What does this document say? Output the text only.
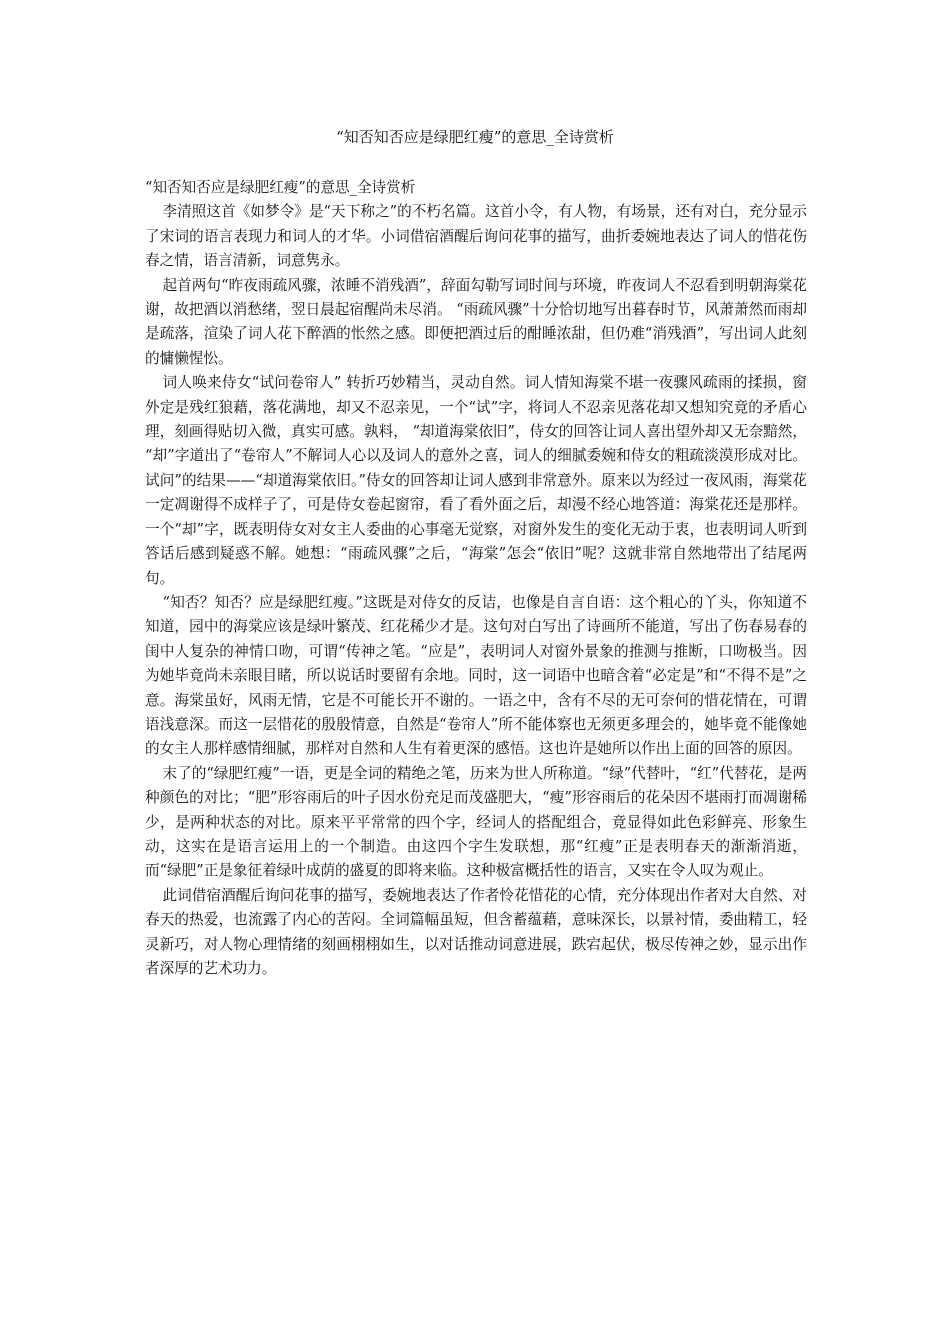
“知否知否应是绿肥红瘦”的意思_全诗赏析
“知否知否应是绿肥红瘦”的意思_全诗赏析

李清照这首《如梦令》是“天下称之”的不朽名篇。这首小令，有人物，有场景，还有对白，充分显示了宋词的语言表现力和词人的才华。小词借宿酒醒后询问花事的描写，曲折委婉地表达了词人的惜花伤春之情，语言清新，词意隽永。

起首两句“昨夜雨疏风骤，浓睡不消残酒”，辞面勾勒写词时间与环境，昨夜词人不忍看到明朝海棠花谢，故把酒以消愁绪，翌日晨起宿醒尚未尽消。 “雨疏风骤”十分恰切地写出暮春时节，风萧萧然而雨却是疏落，渲染了词人花下醉酒的怅然之感。即便把酒过后的酣睡浓甜，但仍难“消残酒”，写出词人此刻的慵懒惺忪。

词人唤来侍女“试问卷帘人” 转折巧妙精当，灵动自然。词人情知海棠不堪一夜骤风疏雨的揉损，窗外定是残红狼藉，落花满地，却又不忍亲见，一个“试”字，将词人不忍亲见落花却又想知究竟的矛盾心理，刻画得贴切入微，真实可感。孰料， “却道海棠依旧”，侍女的回答让词人喜出望外却又无奈黯然， “却”字道出了“卷帘人”不解词人心以及词人的意外之喜，词人的细腻委婉和侍女的粗疏淡漠形成对比。试问”的结果——“却道海棠依旧。”侍女的回答却让词人感到非常意外。原来以为经过一夜风雨，海棠花一定凋谢得不成样子了，可是侍女卷起窗帘，看了看外面之后，却漫不经心地答道：海棠花还是那样。一个“却”字，既表明侍女对女主人委曲的心事毫无觉察，对窗外发生的变化无动于衷，也表明词人听到答话后感到疑惑不解。她想：“雨疏风骤”之后，“海棠”怎会“依旧”呢？这就非常自然地带出了结尾两句。

“知否？知否？应是绿肥红瘦。”这既是对侍女的反诘，也像是自言自语：这个粗心的丫头，你知道不知道，园中的海棠应该是绿叶繁茂、红花稀少才是。这句对白写出了诗画所不能道，写出了伤春易春的闺中人复杂的神情口吻，可谓“传神之笔。“应是”，表明词人对窗外景象的推测与推断，口吻极当。因为她毕竟尚未亲眼目睹，所以说话时要留有余地。同时，这一词语中也暗含着“必定是”和“不得不是”之意。海棠虽好，风雨无情，它是不可能长开不谢的。一语之中，含有不尽的无可奈何的惜花情在，可谓语浅意深。而这一层惜花的殷殷情意，自然是“卷帘人”所不能体察也无须更多理会的，她毕竟不能像她的女主人那样感情细腻，那样对自然和人生有着更深的感悟。这也许是她所以作出上面的回答的原因。

末了的“绿肥红瘦”一语，更是全词的精绝之笔，历来为世人所称道。“绿”代替叶，“红”代替花，是两种颜色的对比；“肥”形容雨后的叶子因水份充足而茂盛肥大，“瘦”形容雨后的花朵因不堪雨打而凋谢稀少，是两种状态的对比。原来平平常常的四个字，经词人的搭配组合，竟显得如此色彩鲜亮、形象生动，这实在是语言运用上的一个制造。由这四个字生发联想，那“红瘦”正是表明春天的渐渐消逝，而“绿肥”正是象征着绿叶成荫的盛夏的即将来临。这种极富概括性的语言，又实在令人叹为观止。

此词借宿酒醒后询问花事的描写，委婉地表达了作者怜花惜花的心情，充分体现出作者对大自然、对春天的热爱，也流露了内心的苦闷。全词篇幅虽短，但含蓄蕴藉，意味深长，以景衬情，委曲精工，轻灵新巧，对人物心理情绪的刻画栩栩如生，以对话推动词意进展，跌宕起伏，极尽传神之妙，显示出作者深厚的艺术功力。
